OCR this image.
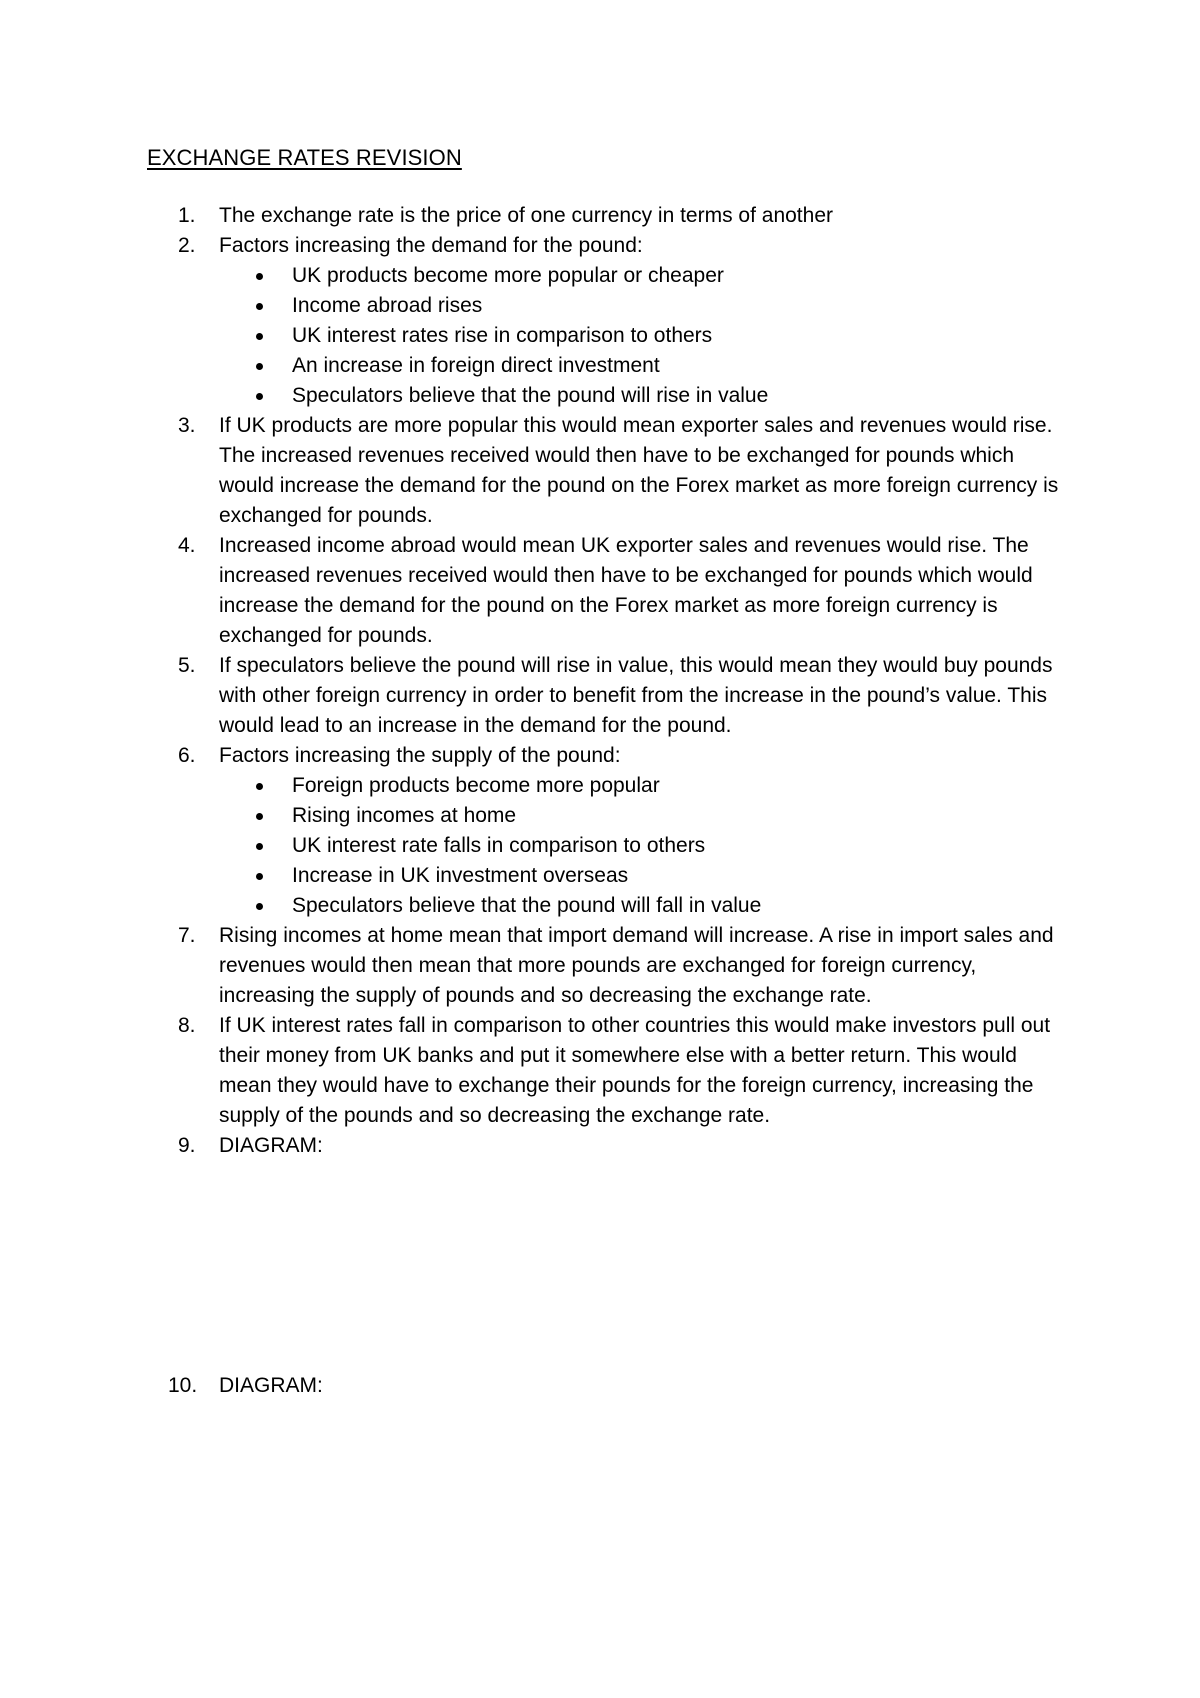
EXCHANGE RATES REVISION
1. The exchange rate is the price of one currency in terms of another
2. Factors increasing the demand for the pound:
UK products become more popular or cheaper
Income abroad rises
UK interest rates rise in comparison to others
An increase in foreign direct investment
Speculators believe that the pound will rise in value
3. If UK products are more popular this would mean exporter sales and revenues would rise. The increased revenues received would then have to be exchanged for pounds which would increase the demand for the pound on the Forex market as more foreign currency is exchanged for pounds.
4. Increased income abroad would mean UK exporter sales and revenues would rise. The increased revenues received would then have to be exchanged for pounds which would increase the demand for the pound on the Forex market as more foreign currency is exchanged for pounds.
5. If speculators believe the pound will rise in value, this would mean they would buy pounds with other foreign currency in order to benefit from the increase in the pound’s value. This would lead to an increase in the demand for the pound.
6. Factors increasing the supply of the pound:
Foreign products become more popular
Rising incomes at home
UK interest rate falls in comparison to others
Increase in UK investment overseas
Speculators believe that the pound will fall in value
7. Rising incomes at home mean that import demand will increase. A rise in import sales and revenues would then mean that more pounds are exchanged for foreign currency, increasing the supply of pounds and so decreasing the exchange rate.
8. If UK interest rates fall in comparison to other countries this would make investors pull out their money from UK banks and put it somewhere else with a better return. This would mean they would have to exchange their pounds for the foreign currency, increasing the supply of the pounds and so decreasing the exchange rate.
9. DIAGRAM:
10. DIAGRAM:
